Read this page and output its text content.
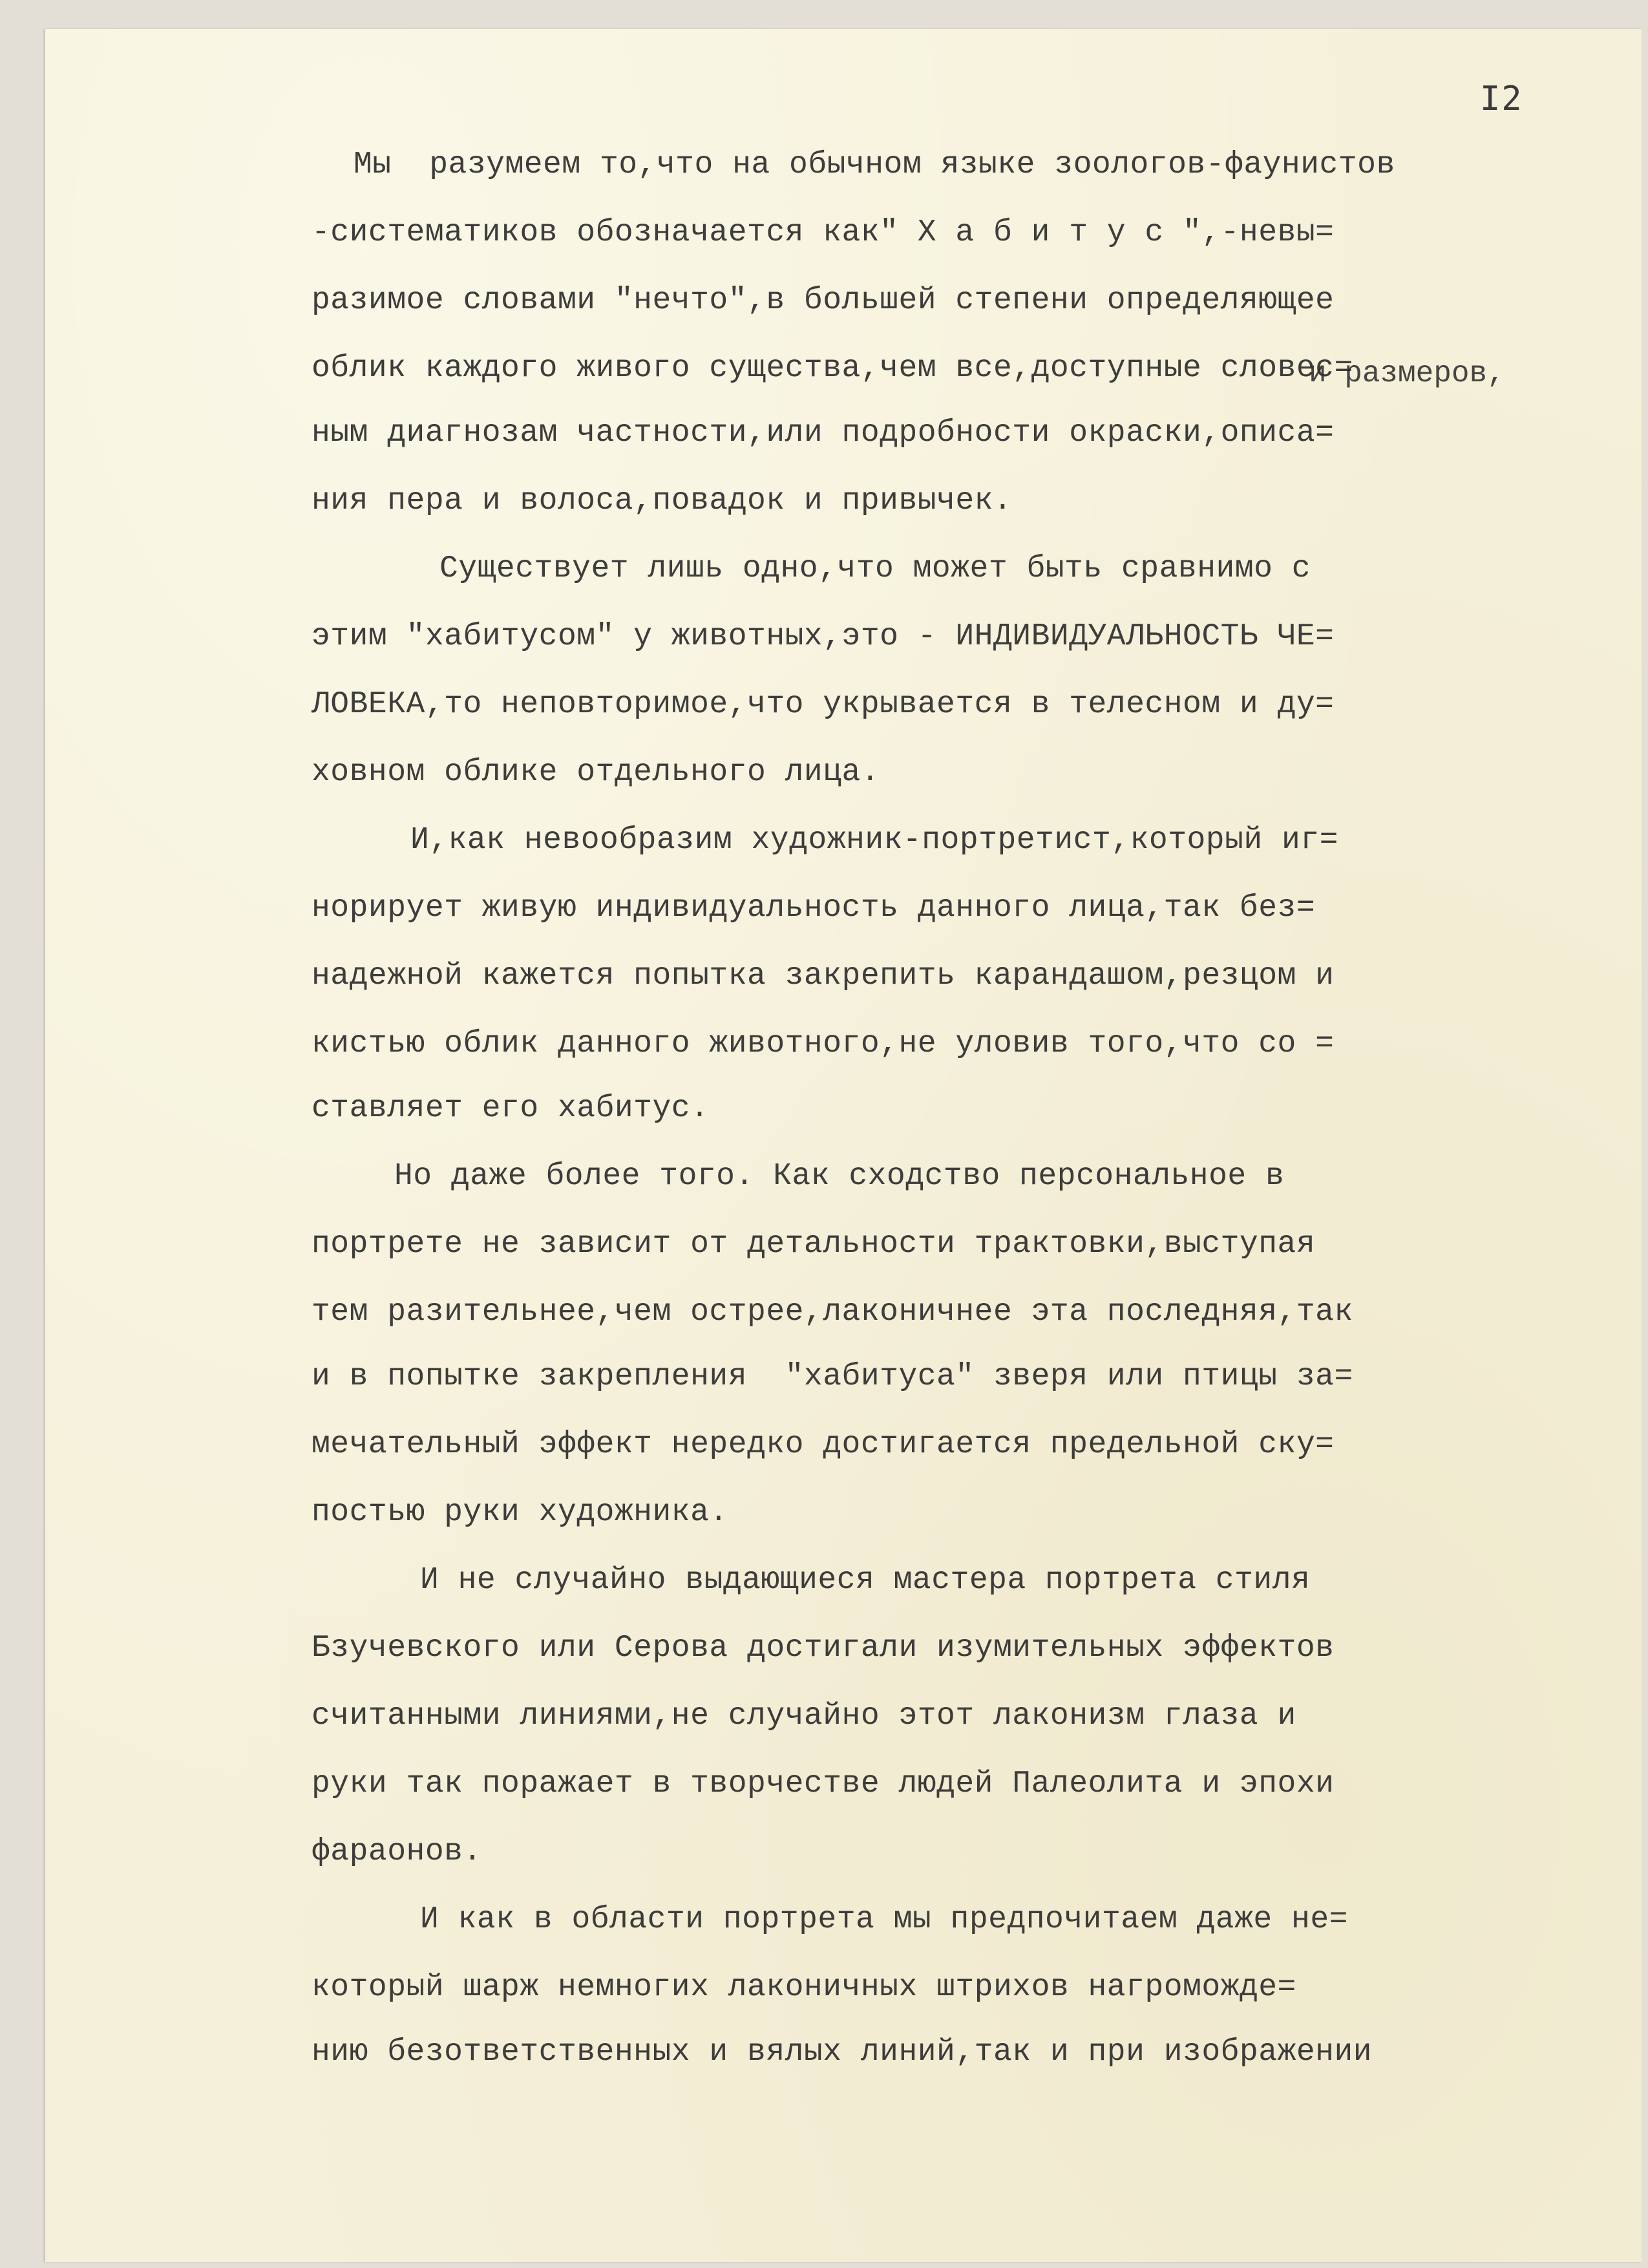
I2
и размеров,
Мы  разумеем то,что на обычном языке зоологов-фаунистов
-систематиков обозначается как" Х а б и т у с ",-невы=
разимое словами "нечто",в большей степени определяющее
облик каждого живого существа,чем все,доступные словес=
ным диагнозам частности,или подробности окраски,описа=
ния пера и волоса,повадок и привычек.
Существует лишь одно,что может быть сравнимо с
этим "хабитусом" у животных,это - ИНДИВИДУАЛЬНОСТЬ ЧЕ=
ЛОВЕКА,то неповторимое,что укрывается в телесном и ду=
ховном облике отдельного лица.
И,как невообразим художник-портретист,который иг=
норирует живую индивидуальность данного лица,так без=
надежной кажется попытка закрепить карандашом,резцом и
кистью облик данного животного,не уловив того,что со =
ставляет его хабитус.
Но даже более того. Как сходство персональное в
портрете не зависит от детальности трактовки,выступая
тем разительнее,чем острее,лаконичнее эта последняя,так
и в попытке закрепления  "хабитуса" зверя или птицы за=
мечательный эффект нередко достигается предельной ску=
постью руки художника.
И не случайно выдающиеся мастера портрета стиля
Бзучевского или Серова достигали изумительных эффектов
считанными линиями,не случайно этот лаконизм глаза и
руки так поражает в творчестве людей Палеолита и эпохи
фараонов.
И как в области портрета мы предпочитаем даже не=
который шарж немногих лаконичных штрихов нагроможде=
нию безответственных и вялых линий,так и при изображении
